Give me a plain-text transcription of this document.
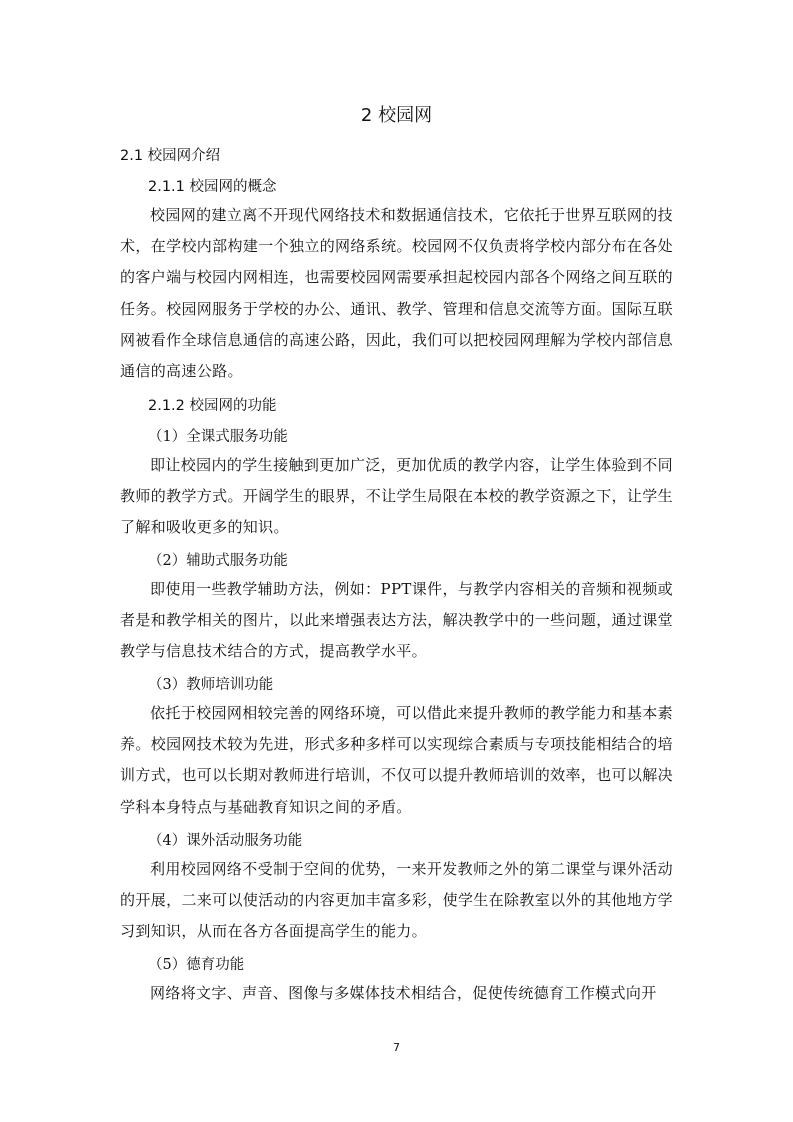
2 校园网
2.1 校园网介绍
2.1.1 校园网的概念

校园网的建立离不开现代网络技术和数据通信技术，它依托于世界互联网的技术，在学校内部构建一个独立的网络系统。校园网不仅负责将学校内部分布在各处的客户端与校园内网相连，也需要校园网需要承担起校园内部各个网络之间互联的任务。校园网服务于学校的办公、通讯、教学、管理和信息交流等方面。国际互联网被看作全球信息通信的高速公路，因此，我们可以把校园网理解为学校内部信息通信的高速公路。

2.1.2 校园网的功能
（1）全课式服务功能

即让校园内的学生接触到更加广泛，更加优质的教学内容，让学生体验到不同教师的教学方式。开阔学生的眼界，不让学生局限在本校的教学资源之下，让学生了解和吸收更多的知识。

（2）辅助式服务功能

即使用一些教学辅助方法，例如：PPT课件，与教学内容相关的音频和视频或者是和教学相关的图片，以此来增强表达方法，解决教学中的一些问题，通过课堂教学与信息技术结合的方式，提高教学水平。

（3）教师培训功能

依托于校园网相较完善的网络环境，可以借此来提升教师的教学能力和基本素养。校园网技术较为先进，形式多种多样可以实现综合素质与专项技能相结合的培训方式，也可以长期对教师进行培训，不仅可以提升教师培训的效率，也可以解决学科本身特点与基础教育知识之间的矛盾。

（4）课外活动服务功能

利用校园网络不受制于空间的优势，一来开发教师之外的第二课堂与课外活动的开展，二来可以使活动的内容更加丰富多彩，使学生在除教室以外的其他地方学习到知识，从而在各方各面提高学生的能力。

（5）德育功能

网络将文字、声音、图像与多媒体技术相结合，促使传统德育工作模式向开

7
